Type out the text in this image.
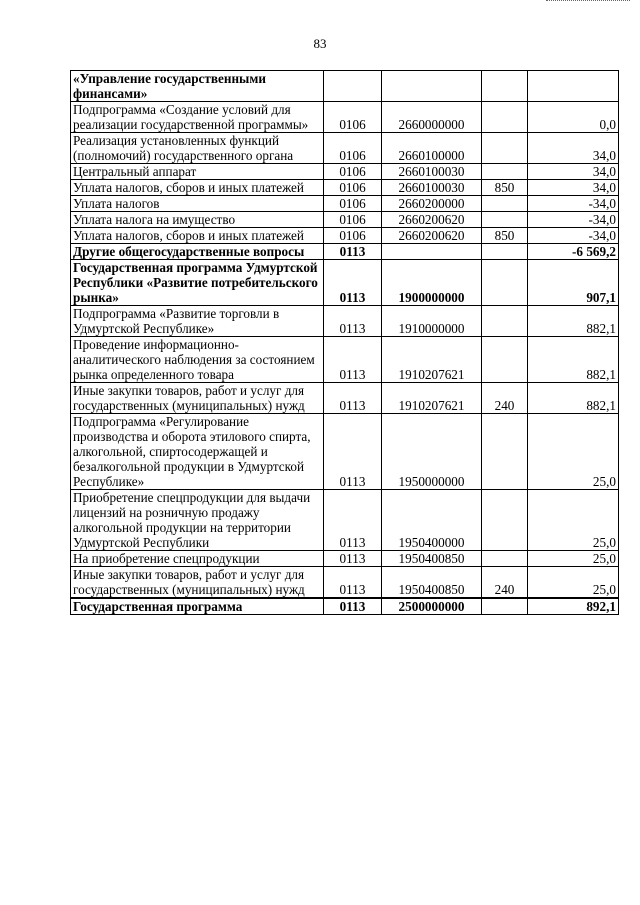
83
«Управление государственными финансами»				
Подпрограмма «Создание условий для реализации государственной программы»	0106	2660000000		0,0
Реализация установленных функций (полномочий) государственного органа	0106	2660100000		34,0
Центральный аппарат	0106	2660100030		34,0
Уплата налогов, сборов и иных платежей	0106	2660100030	850	34,0
Уплата налогов	0106	2660200000		-34,0
Уплата налога на имущество	0106	2660200620		-34,0
Уплата налогов, сборов и иных платежей	0106	2660200620	850	-34,0
Другие общегосударственные вопросы	0113			-6 569,2
Государственная программа Удмуртской Республики «Развитие потребительского рынка»	0113	1900000000		907,1
Подпрограмма «Развитие торговли в Удмуртской Республике»	0113	1910000000		882,1
Проведение информационно-аналитического наблюдения за состоянием рынка определенного товара	0113	1910207621		882,1
Иные закупки товаров, работ и услуг для государственных (муниципальных) нужд	0113	1910207621	240	882,1
Подпрограмма «Регулирование производства и оборота этилового спирта, алкогольной, спиртосодержащей и безалкогольной продукции в Удмуртской Республике»	0113	1950000000		25,0
Приобретение спецпродукции для выдачи лицензий на розничную продажу алкогольной продукции на территории Удмуртской Республики	0113	1950400000		25,0
На приобретение спецпродукции	0113	1950400850		25,0
Иные закупки товаров, работ и услуг для государственных (муниципальных) нужд	0113	1950400850	240	25,0
Государственная программа	0113	2500000000		892,1
